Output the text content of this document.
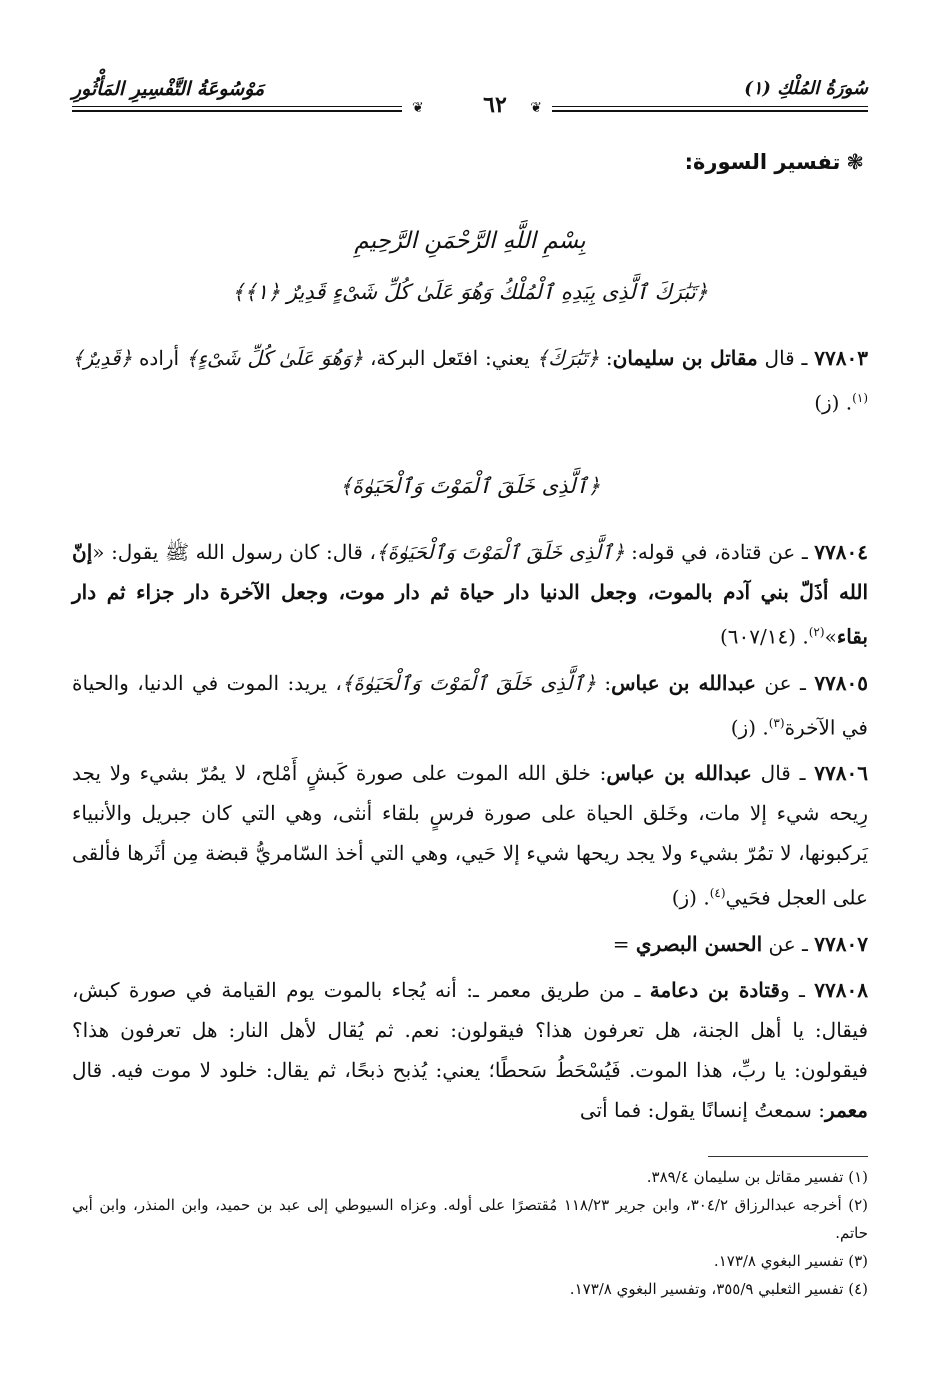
سُورَةُ المُلْكِ (١)
مَوْسُوعَةُ التَّفْسِيرِ المَأْثُورِ
❦
❦	٦٢
❃تفسير السورة:
بِسْمِ اللَّهِ الرَّحْمَنِ الرَّحِيمِ
﴿تَبَٰرَكَ ٱلَّذِى بِيَدِهِ ٱلْمُلْكُ وَهُوَ عَلَىٰ كُلِّ شَىْءٍ قَدِيرٌ ﴿١﴾﴾

٧٧٨٠٣ ـ قال مقاتل بن سليمان: ﴿تَبَٰرَكَ﴾ يعني: افتَعل البركة، ﴿وَهُوَ عَلَىٰ كُلِّ شَىْءٍ﴾ أراده ﴿قَدِيرٌ﴾$^{(١)}$. (ز)

﴿ٱلَّذِى خَلَقَ ٱلْمَوْتَ وَٱلْحَيَوٰةَ﴾

٧٧٨٠٤ ـ عن قتادة، في قوله: ﴿ٱلَّذِى خَلَقَ ٱلْمَوْتَ وَٱلْحَيَوٰةَ﴾، قال: كان رسول الله ﷺ يقول: «إنّ الله أذَلّ بني آدم بالموت، وجعل الدنيا دار حياة ثم دار موت، وجعل الآخرة دار جزاء ثم دار بقاء»$^{(٢)}$. (٦٠٧/١٤)

٧٧٨٠٥ ـ عن عبدالله بن عباس: ﴿ٱلَّذِى خَلَقَ ٱلْمَوْتَ وَٱلْحَيَوٰةَ﴾، يريد: الموت في الدنيا، والحياة في الآخرة$^{(٣)}$. (ز)

٧٧٨٠٦ ـ قال عبدالله بن عباس: خلق الله الموت على صورة كَبشٍ أَمْلح، لا يمُرّ بشيء ولا يجد رِيحه شيء إلا مات، وخَلق الحياة على صورة فرسٍ بلقاء أنثى، وهي التي كان جبريل والأنبياء يَركبونها، لا تمُرّ بشيء ولا يجد ريحها شيء إلا حَيي، وهي التي أخذ السّامريُّ قبضة مِن أثَرها فألقى على العجل فحَيي$^{(٤)}$. (ز)

٧٧٨٠٧ ـ عن الحسن البصري =

٧٧٨٠٨ ـ وقتادة بن دعامة ـ من طريق معمر ـ: أنه يُجاء بالموت يوم القيامة في صورة كبش، فيقال: يا أهل الجنة، هل تعرفون هذا؟ فيقولون: نعم. ثم يُقال لأهل النار: هل تعرفون هذا؟ فيقولون: يا ربِّ، هذا الموت. فَيُسْحَطُ سَحطًا؛ يعني: يُذبح ذبحًا، ثم يقال: خلود لا موت فيه. قال معمر: سمعتُ إنسانًا يقول: فما أتى

(١) تفسير مقاتل بن سليمان ٣٨٩/٤.

(٢) أخرجه عبدالرزاق ٣٠٤/٢، وابن جرير ١١٨/٢٣ مُقتصرًا على أوله. وعزاه السيوطي إلى عبد بن حميد، وابن المنذر، وابن أبي حاتم.

(٣) تفسير البغوي ١٧٣/٨.

(٤) تفسير الثعلبي ٣٥٥/٩، وتفسير البغوي ١٧٣/٨.
